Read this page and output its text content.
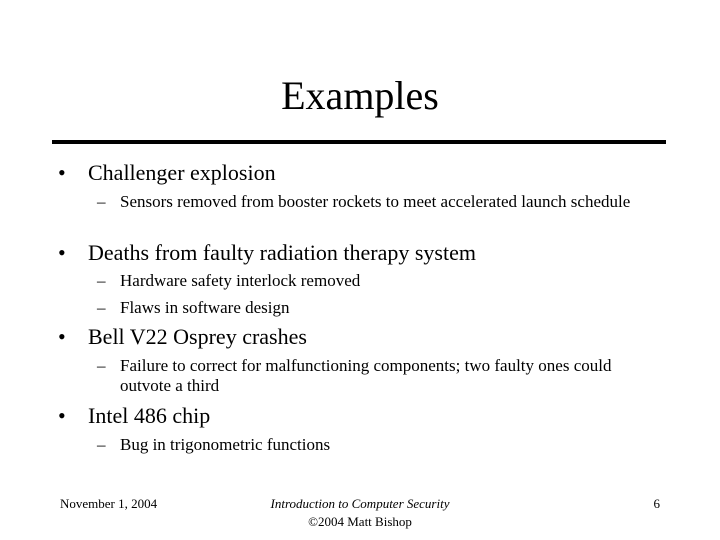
Examples
• Challenger explosion
– Sensors removed from booster rockets to meet accelerated launch schedule
• Deaths from faulty radiation therapy system
– Hardware safety interlock removed
– Flaws in software design
• Bell V22 Osprey crashes
– Failure to correct for malfunctioning components; two faulty ones could outvote a third
• Intel 486 chip
– Bug in trigonometric functions
November 1, 2004	Introduction to Computer Security
©2004 Matt Bishop
6
